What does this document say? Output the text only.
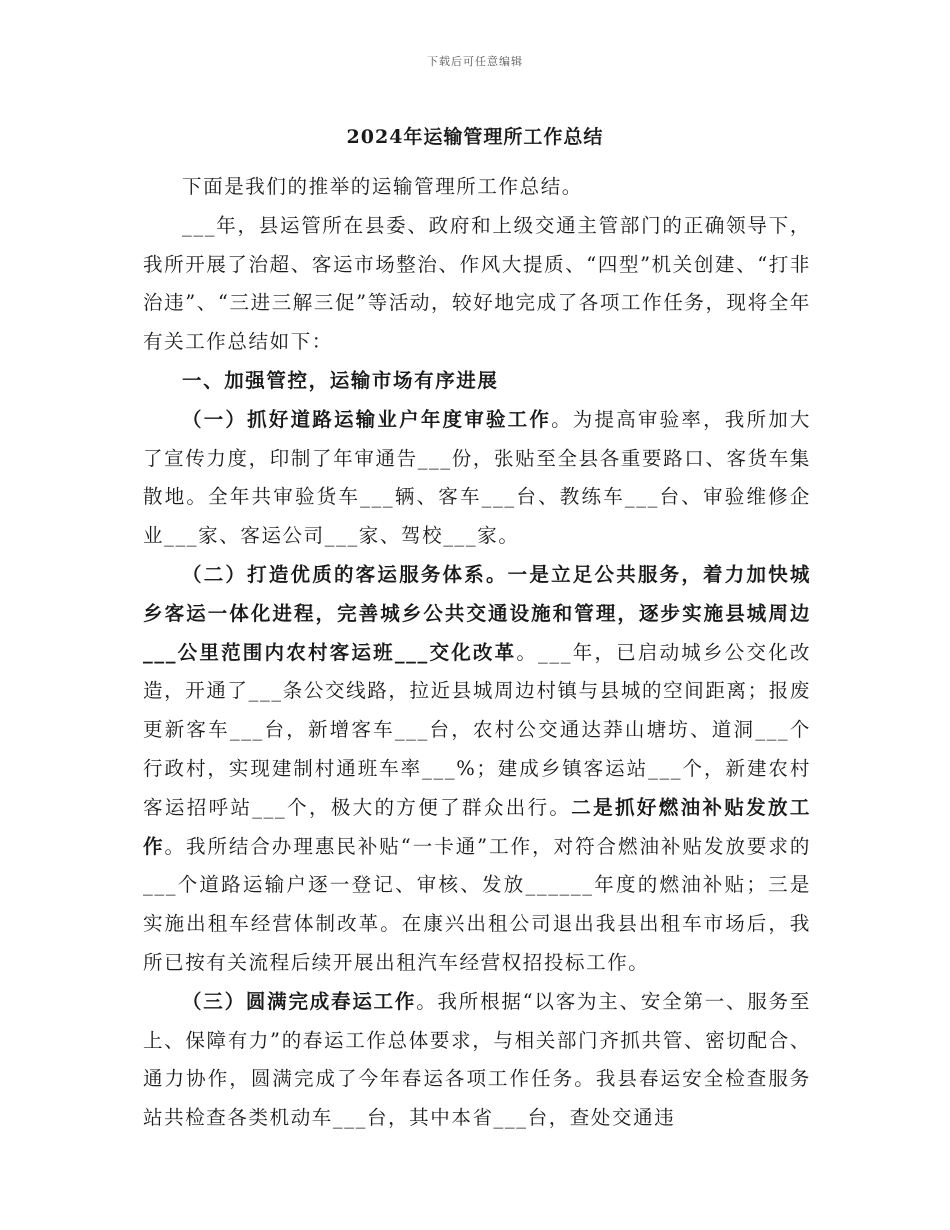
下载后可任意编辑
2024年运输管理所工作总结

下面是我们的推举的运输管理所工作总结。

___年，县运管所在县委、政府和上级交通主管部门的正确领导下，我所开展了治超、客运市场整治、作风大提质、“四型”机关创建、“打非治违”、“三进三解三促”等活动，较好地完成了各项工作任务，现将全年有关工作总结如下：

一、加强管控，运输市场有序进展

（一）抓好道路运输业户年度审验工作。为提高审验率，我所加大了宣传力度，印制了年审通告___份，张贴至全县各重要路口、客货车集散地。全年共审验货车___辆、客车___台、教练车___台、审验维修企业___家、客运公司___家、驾校___家。

（二）打造优质的客运服务体系。一是立足公共服务，着力加快城乡客运一体化进程，完善城乡公共交通设施和管理，逐步实施县城周边___公里范围内农村客运班___交化改革。___年，已启动城乡公交化改造，开通了___条公交线路，拉近县城周边村镇与县城的空间距离；报废更新客车___台，新增客车___台，农村公交通达莽山塘坊、道洞___个行政村，实现建制村通班车率___%；建成乡镇客运站___个，新建农村客运招呼站___个，极大的方便了群众出行。二是抓好燃油补贴发放工作。我所结合办理惠民补贴“一卡通”工作，对符合燃油补贴发放要求的___个道路运输户逐一登记、审核、发放______年度的燃油补贴；三是实施出租车经营体制改革。在康兴出租公司退出我县出租车市场后，我所已按有关流程后续开展出租汽车经营权招投标工作。

（三）圆满完成春运工作。我所根据“以客为主、安全第一、服务至上、保障有力”的春运工作总体要求，与相关部门齐抓共管、密切配合、通力协作，圆满完成了今年春运各项工作任务。我县春运安全检查服务站共检查各类机动车___台，其中本省___台，查处交通违
